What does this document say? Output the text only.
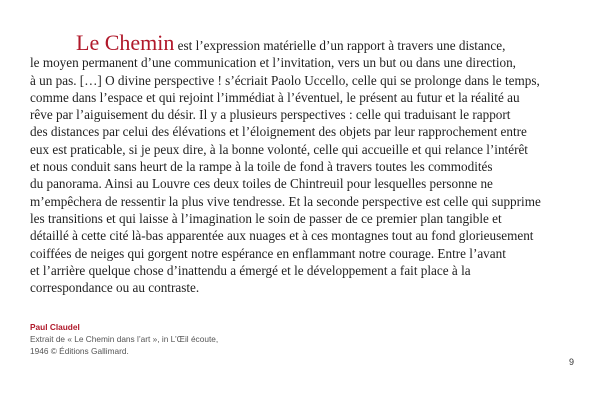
Le Chemin est l’expression matérielle d’un rapport à travers une distance,
le moyen permanent d’une communication et l’invitation, vers un but ou dans une direction,
à un pas. […] O divine perspective ! s’écriait Paolo Uccello, celle qui se prolonge dans le temps,
comme dans l’espace et qui rejoint l’immédiat à l’éventuel, le présent au futur et la réalité au
rêve par l’aiguisement du désir. Il y a plusieurs perspectives : celle qui traduisant le rapport
des distances par celui des élévations et l’éloignement des objets par leur rapprochement entre
eux est praticable, si je peux dire, à la bonne volonté, celle qui accueille et qui relance l’intérêt
et nous conduit sans heurt de la rampe à la toile de fond à travers toutes les commodités
du panorama. Ainsi au Louvre ces deux toiles de Chintreuil pour lesquelles personne ne
m’empêchera de ressentir la plus vive tendresse. Et la seconde perspective est celle qui supprime
les transitions et qui laisse à l’imagination le soin de passer de ce premier plan tangible et
détaillé à cette cité là-bas apparentée aux nuages et à ces montagnes tout au fond glorieusement
coiffées de neiges qui gorgent notre espérance en enflammant notre courage. Entre l’avant
et l’arrière quelque chose d’inattendu a émergé et le développement a fait place à la
correspondance ou au contraste.
Paul Claudel
Extrait de « Le Chemin dans l’art », in L’Œil écoute,
1946 © Éditions Gallimard.
9
